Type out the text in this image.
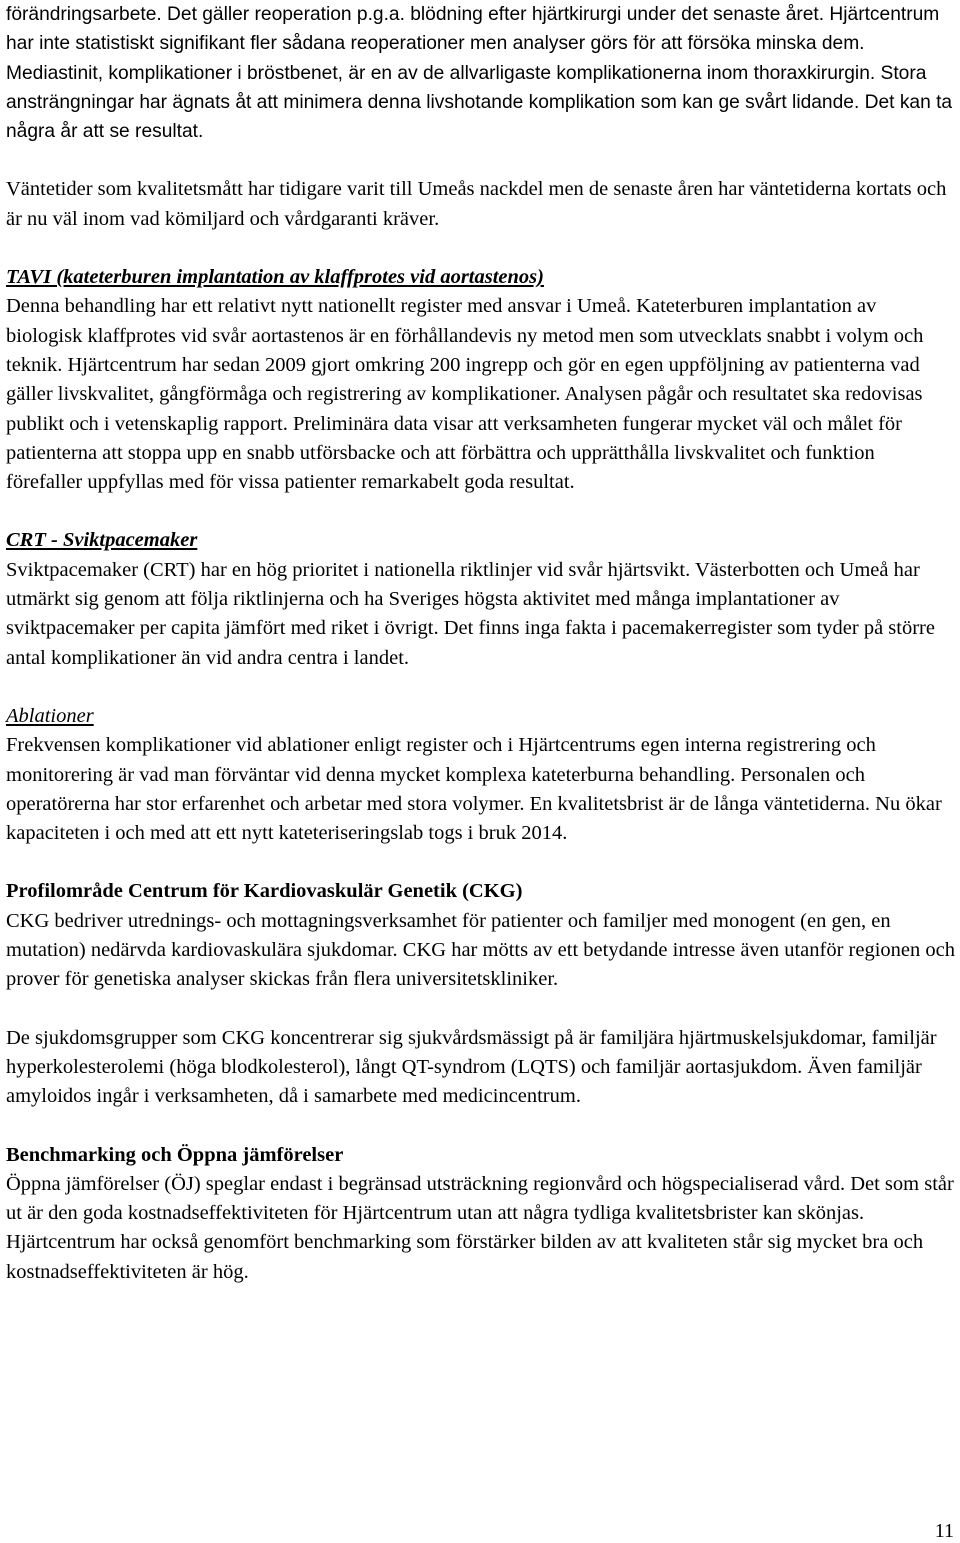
förändringsarbete. Det gäller reoperation p.g.a. blödning efter hjärtkirurgi under det senaste året. Hjärtcentrum har inte statistiskt signifikant fler sådana reoperationer men analyser görs för att försöka minska dem. Mediastinit, komplikationer i bröstbenet, är en av de allvarligaste komplikationerna inom thoraxkirurgin. Stora ansträngningar har ägnats åt att minimera denna livshotande komplikation som kan ge svårt lidande. Det kan ta några år att se resultat.

Väntetider som kvalitetsmått har tidigare varit till Umeås nackdel men de senaste åren har väntetiderna kortats och är nu väl inom vad kömiljard och vårdgaranti kräver.

TAVI (kateterburen implantation av klaffprotes vid aortastenos)

Denna behandling har ett relativt nytt nationellt register med ansvar i Umeå. Kateterburen implantation av biologisk klaffprotes vid svår aortastenos är en förhållandevis ny metod men som utvecklats snabbt i volym och teknik. Hjärtcentrum har sedan 2009 gjort omkring 200 ingrepp och gör en egen uppföljning av patienterna vad gäller livskvalitet, gångförmåga och registrering av komplikationer. Analysen pågår och resultatet ska redovisas publikt och i vetenskaplig rapport. Preliminära data visar att verksamheten fungerar mycket väl och målet för patienterna att stoppa upp en snabb utförsbacke och att förbättra och upprätthålla livskvalitet och funktion förefaller uppfyllas med för vissa patienter remarkabelt goda resultat.

CRT - Sviktpacemaker

Sviktpacemaker (CRT) har en hög prioritet i nationella riktlinjer vid svår hjärtsvikt. Västerbotten och Umeå har utmärkt sig genom att följa riktlinjerna och ha Sveriges högsta aktivitet med många implantationer av sviktpacemaker per capita jämfört med riket i övrigt. Det finns inga fakta i pacemakerregister som tyder på större antal komplikationer än vid andra centra i landet.

Ablationer

Frekvensen komplikationer vid ablationer enligt register och i Hjärtcentrums egen interna registrering och monitorering är vad man förväntar vid denna mycket komplexa kateterburna behandling. Personalen och operatörerna har stor erfarenhet och arbetar med stora volymer. En kvalitetsbrist är de långa väntetiderna. Nu ökar kapaciteten i och med att ett nytt kateteriseringslab togs i bruk 2014.

Profilområde Centrum för Kardiovaskulär Genetik (CKG)

CKG bedriver utrednings- och mottagningsverksamhet för patienter och familjer med monogent (en gen, en mutation) nedärvda kardiovaskulära sjukdomar. CKG har mötts av ett betydande intresse även utanför regionen och prover för genetiska analyser skickas från flera universitetskliniker.

De sjukdomsgrupper som CKG koncentrerar sig sjukvårdsmässigt på är familjära hjärtmuskelsjukdomar, familjär hyperkolesterolemi (höga blodkolesterol), långt QT-syndrom (LQTS) och familjär aortasjukdom. Även familjär amyloidos ingår i verksamheten, då i samarbete med medicincentrum.

Benchmarking och Öppna jämförelser

Öppna jämförelser (ÖJ) speglar endast i begränsad utsträckning regionvård och högspecialiserad vård. Det som står ut är den goda kostnadseffektiviteten för Hjärtcentrum utan att några tydliga kvalitetsbrister kan skönjas. Hjärtcentrum har också genomfört benchmarking som förstärker bilden av att kvaliteten står sig mycket bra och kostnadseffektiviteten är hög.

11
